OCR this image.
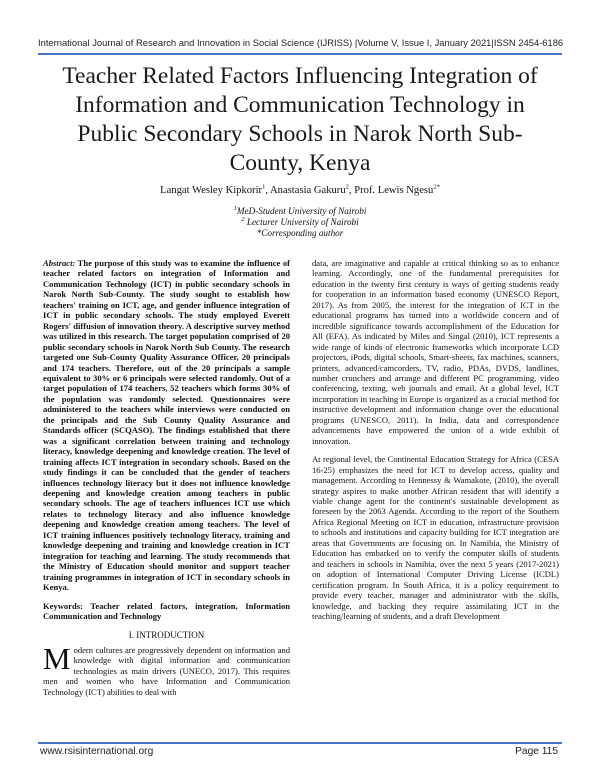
International Journal of Research and Innovation in Social Science (IJRISS) |Volume V, Issue I, January 2021|ISSN 2454-6186
Teacher Related Factors Influencing Integration of Information and Communication Technology in Public Secondary Schools in Narok North Sub-County, Kenya
Langat Wesley Kipkorir$^1$, Anastasia Gakuru$^2$, Prof. Lewis Ngesu$^{2*}$
$^1$MeD-Student University of Nairobi
$^2$ Lecturer University of Nairobi
*Corresponding author

Abstract: The purpose of this study was to examine the influence of teacher related factors on integration of Information and Communication Technology (ICT) in public secondary schools in Narok North Sub-County. The study sought to establish how teachers' training on ICT, age, and gender influence integration of ICT in public secondary schools. The study employed Everett Rogers' diffusion of innovation theory. A descriptive survey method was utilized in this research. The target population comprised of 20 public secondary schools in Narok North Sub County. The research targeted one Sub-County Quality Assurance Officer, 20 principals and 174 teachers. Therefore, out of the 20 principals a sample equivalent to 30% or 6 principals were selected randomly. Out of a target population of 174 teachers, 52 teachers which forms 30% of the population was randomly selected. Questionnaires were administered to the teachers while interviews were conducted on the principals and the Sub County Quality Assurance and Standards officer (SCQASO). The findings established that there was a significant correlation between training and technology literacy, knowledge deepening and knowledge creation. The level of training affects ICT integration in secondary schools. Based on the study findings it can be concluded that the gender of teachers influences technology literacy but it does not influence knowledge deepening and knowledge creation among teachers in public secondary schools. The age of teachers influences ICT use which relates to technology literacy and also influence knowledge deepening and knowledge creation among teachers. The level of ICT training influences positively technology literacy, training and knowledge deepening and training and knowledge creation in ICT integration for teaching and learning. The study recommends that the Ministry of Education should monitor and support teacher training programmes in integration of ICT in secondary schools in Kenya.

Keywords: Teacher related factors, integration, Information Communication and Technology

I. INTRODUCTION

Modern cultures are progressively dependent on information and knowledge with digital information and communication technologies as main drivers (UNECO, 2017). This requires men and women who have Information and Communication Technology (ICT) abilities to deal with

data, are imaginative and capable at critical thinking so as to enhance learning. Accordingly, one of the fundamental prerequisites for education in the twenty first century is ways of getting students ready for cooperation in an information based economy (UNESCO Report, 2017). As from 2005, the interest for the integration of ICT in the educational programs has turned into a worldwide concern and of incredible significance towards accomplishment of the Education for All (EFA). As indicated by Miles and Singal (2010), ICT represents a wide range of kinds of electronic frameworks which incorporate LCD projectors, iPods, digital schools, Smart-sheets, fax machines, scanners, printers, advanced/camcorders, TV, radio, PDAs, DVDS, landlines, number crunchers and arrange and different PC programming, video conferencing, texting, web journals and email. At a global level, ICT incorporation in teaching in Europe is organized as a crucial method for instructive development and information change over the educational programs (UNESCO, 2011). In India, data and correspondence advancements have empowered the union of a wide exhibit of innovation.

At regional level, the Continental Education Strategy for Africa (CESA 16-25) emphasizes the need for ICT to develop access, quality and management. According to Hennessy & Wamakote, (2010), the overall strategy aspires to make another African resident that will identify a viable change agent for the continent's sustainable development as foreseen by the 2063 Agenda. According to the report of the Southern Africa Regional Meeting on ICT in education, infrastructure provision to schools and institutions and capacity building for ICT integration are areas that Governments are focusing on. In Namibia, the Ministry of Education has embarked on to verify the computer skills of students and teachers in schools in Namibia, over the next 5 years (2017-2021) on adoption of International Computer Driving License (ICDL) certification program. In South Africa, it is a policy requirement to provide every teacher, manager and administrator with the skills, knowledge, and backing they require assimilating ICT in the teaching/learning of students, and a draft Development

www.rsisinternational.org	Page 115
